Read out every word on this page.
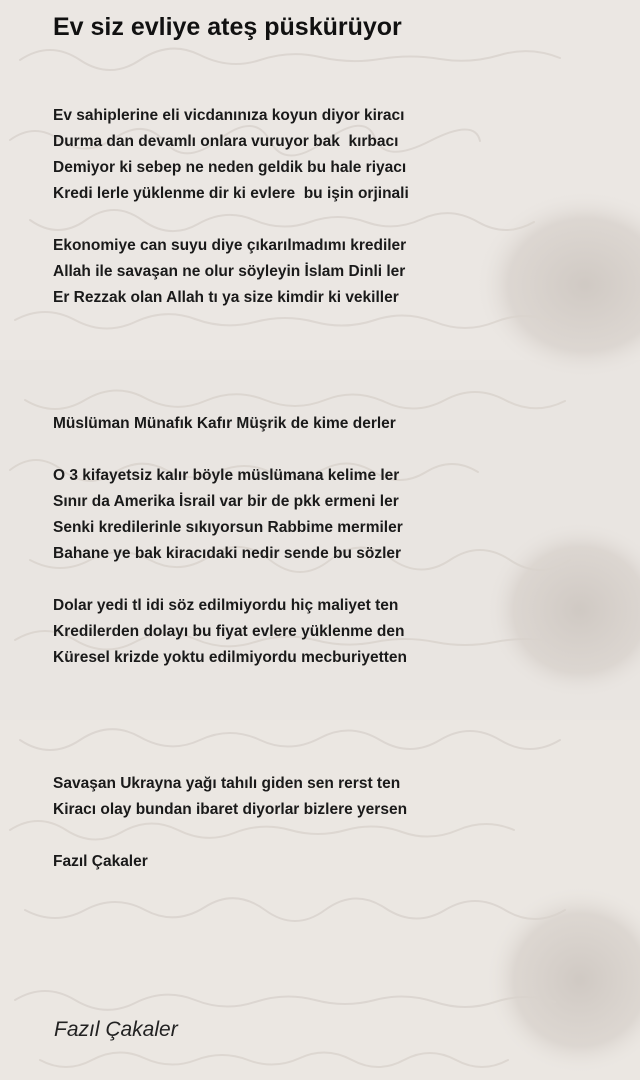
Ev siz evliye ateş püskürüyor
Ev sahiplerine eli vicdanınıza koyun diyor kiracı
Durma dan devamlı onlara vuruyor bak  kırbacı
Demiyor ki sebep ne neden geldik bu hale riyacı
Kredi lerle yüklenme dir ki evlere  bu işin orjinali
Ekonomiye can suyu diye çıkarılmadımı krediler
Allah ile savaşan ne olur söyleyin İslam Dinli ler
Er Rezzak olan Allah tı ya size kimdir ki vekiller
Müslüman Münafık Kafır Müşrik de kime derler
O 3 kifayetsiz kalır böyle müslümana kelime ler
Sınır da Amerika İsrail var bir de pkk ermeni ler
Senki kredilerinle sıkıyorsun Rabbime mermiler
Bahane ye bak kiracıdaki nedir sende bu sözler
Dolar yedi tl idi söz edilmiyordu hiç maliyet ten
Kredilerden dolayı bu fiyat evlere yüklenme den
Küresel krizde yoktu edilmiyordu mecburiyetten
Savaşan Ukrayna yağı tahılı giden sen rerst ten
Kiracı olay bundan ibaret diyorlar bizlere yersen
Fazıl Çakaler
Fazıl Çakaler
